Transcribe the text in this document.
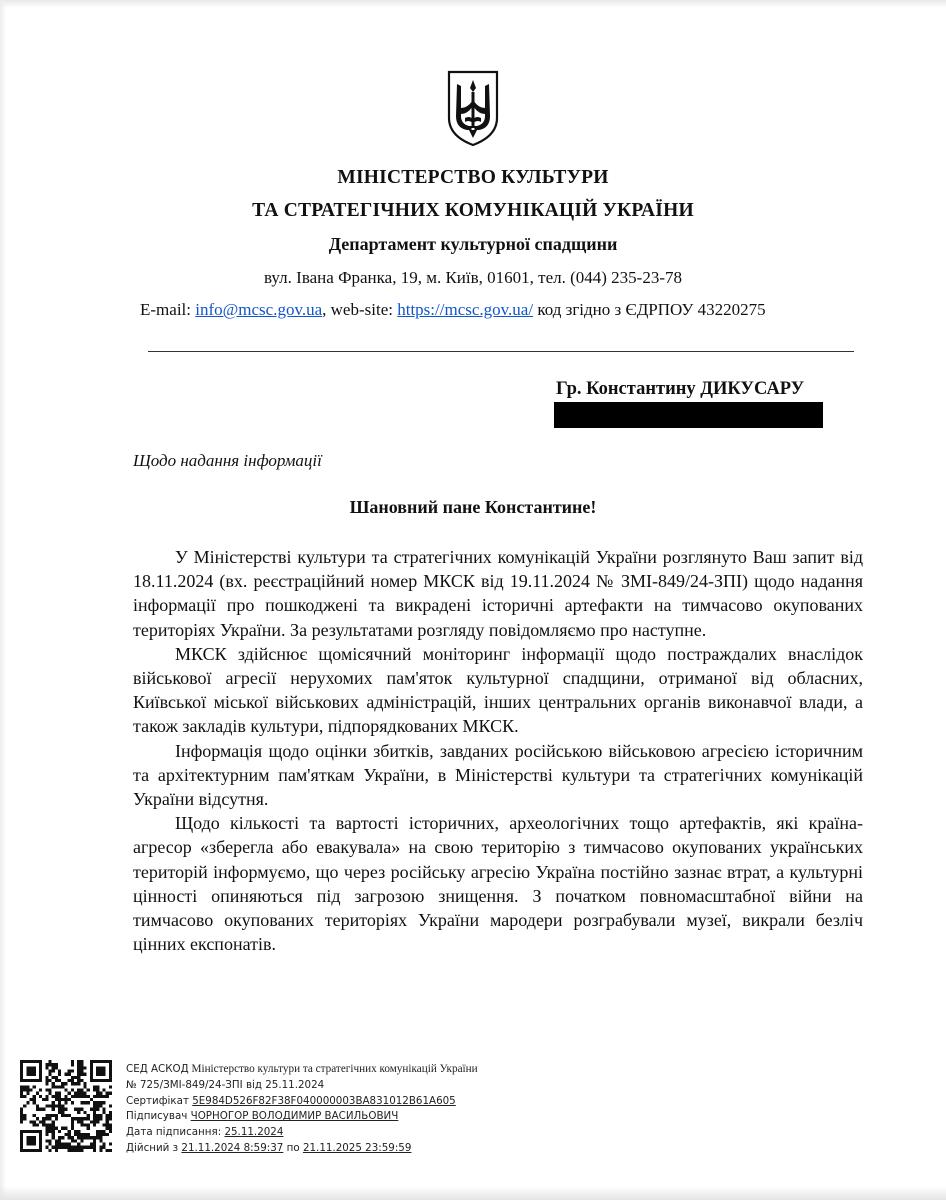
МІНІСТЕРСТВО КУЛЬТУРИ
ТА СТРАТЕГІЧНИХ КОМУНІКАЦІЙ УКРАЇНИ
Департамент культурної спадщини
вул. Івана Франка, 19, м. Київ, 01601, тел. (044) 235-23-78
E-mail: info@mcsc.gov.ua, web-site: https://mcsc.gov.ua/ код згідно з ЄДРПОУ 43220275
Гр. Константину ДИКУСАРУ
Щодо надання інформації
Шановний пане Константине!

У Міністерстві культури та стратегічних комунікацій України розглянуто Ваш запит від 18.11.2024 (вх. реєстраційний номер МКСК від 19.11.2024 № ЗМІ-849/24-ЗПІ) щодо надання інформації про пошкоджені та викрадені історичні артефакти на тимчасово окупованих територіях України. За результатами розгляду повідомляємо про наступне.

МКСК здійснює щомісячний моніторинг інформації щодо постраждалих внаслідок військової агресії нерухомих пам'яток культурної спадщини, отриманої від обласних, Київської міської військових адміністрацій, інших центральних органів виконавчої влади, а також закладів культури, підпорядкованих МКСК.

Інформація щодо оцінки збитків, завданих російською військовою агресією історичним та архітектурним пам'яткам України, в Міністерстві культури та стратегічних комунікацій України відсутня.

Щодо кількості та вартості історичних, археологічних тощо артефактів, які країна-агресор «зберегла або евакувала» на свою територію з тимчасово окупованих українських територій інформуємо, що через російську агресію Україна постійно зазнає втрат, а культурні цінності опиняються під загрозою знищення. З початком повномасштабної війни на тимчасово окупованих територіях України мародери розграбували музеї, викрали безліч цінних експонатів.

СЕД АСКОД Міністерство культури та стратегічних комунікацій України
№ 725/ЗМІ-849/24-ЗПІ від 25.11.2024
Сертифікат 5E984D526F82F38F040000003BA831012B61A605
Підписувач ЧОРНОГОР ВОЛОДИМИР ВАСИЛЬОВИЧ
Дата підписання: 25.11.2024
Дійсний з 21.11.2024 8:59:37 по 21.11.2025 23:59:59
